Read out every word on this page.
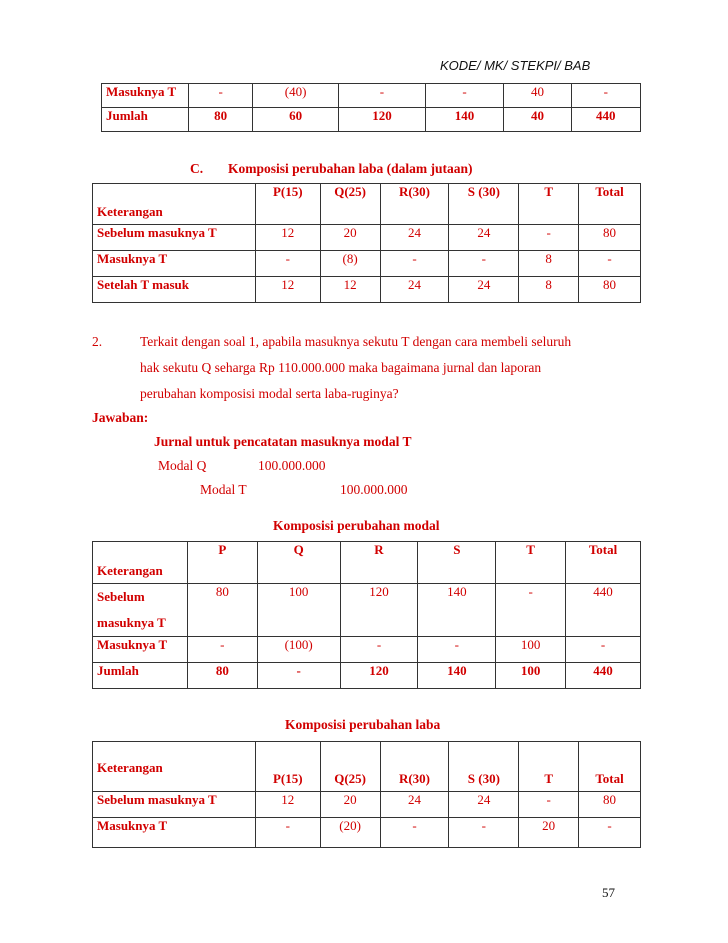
KODE/ MK/ STEKPI/ BAB
Masuknya T	-	(40)	-	-	40	-
Jumlah	80	60	120	140	40	440
C. Komposisi perubahan laba (dalam jutaan)
Keterangan	P(15)	Q(25)	R(30)	S (30)	T	Total
Sebelum masuknya T	12	20	24	24	-	80
Masuknya T	-	(8)	-	-	8	-
Setelah T masuk	12	12	24	24	8	80
2.	Terkait dengan soal 1, apabila masuknya sekutu T dengan cara membeli seluruh
hak sekutu Q seharga Rp 110.000.000 maka bagaimana jurnal dan laporan
perubahan komposisi modal serta laba-ruginya?
Jawaban:
Jurnal untuk pencatatan masuknya modal T
Modal Q	100.000.000
Modal T	100.000.000
Komposisi perubahan modal
Keterangan	P	Q	R	S	T	Total
Sebelum
masuknya T	80	100	120	140	-	440
Masuknya T	-	(100)	-	-	100	-
Jumlah	80	-	120	140	100	440
Komposisi perubahan laba
Keterangan	P(15)	Q(25)	R(30)	S (30)	T	Total
Sebelum masuknya T	12	20	24	24	-	80
Masuknya T	-	(20)	-	-	20	-
57
